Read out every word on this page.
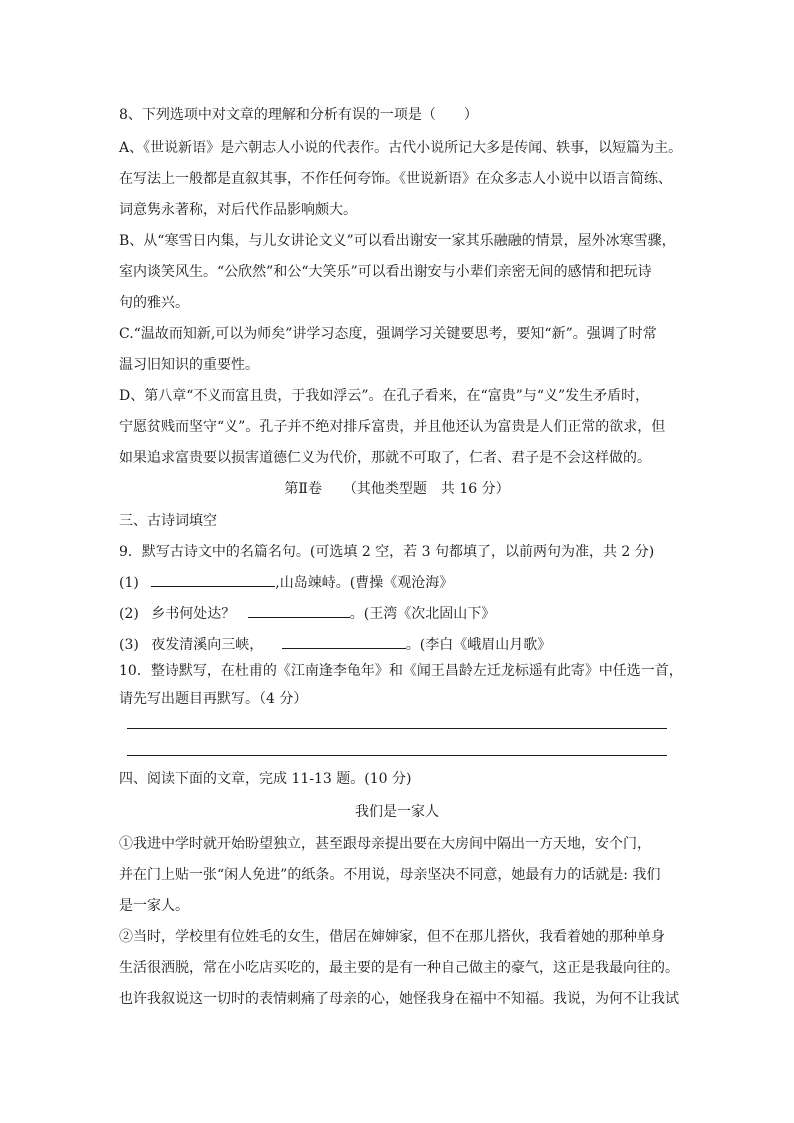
8、下列选项中对文章的理解和分析有误的一项是（　　）
A、《世说新语》是六朝志人小说的代表作。古代小说所记大多是传闻、轶事，以短篇为主。
在写法上一般都是直叙其事，不作任何夸饰。《世说新语》在众多志人小说中以语言简练、
词意隽永著称，对后代作品影响颇大。
B、从“寒雪日内集，与儿女讲论文义”可以看出谢安一家其乐融融的情景，屋外冰寒雪骤，
室内谈笑风生。“公欣然”和公“大笑乐”可以看出谢安与小辈们亲密无间的感情和把玩诗
句的雅兴。
C.“温故而知新,可以为师矣”讲学习态度，强调学习关键要思考，要知“新”。强调了时常
温习旧知识的重要性。
D、第八章“不义而富且贵，于我如浮云”。在孔子看来，在“富贵”与“义”发生矛盾时，
宁愿贫贱而坚守“义”。孔子并不绝对排斥富贵，并且他还认为富贵是人们正常的欲求，但
如果追求富贵要以损害道德仁义为代价，那就不可取了，仁者、君子是不会这样做的。
第Ⅱ卷　　（其他类型题　共 16 分）
三、古诗词填空
9．默写古诗文中的名篇名句。(可选填 2 空，若 3 句都填了，以前两句为准，共 2 分)
(1)	,山岛竦峙。(曹操《观沧海》
(2) 乡书何处达？	。(王湾《次北固山下》
(3) 夜发清溪向三峡，	。(李白《峨眉山月歌》
10．整诗默写，在杜甫的《江南逢李龟年》和《闻王昌龄左迁龙标遥有此寄》中任选一首，
请先写出题目再默写。（4 分）
四、阅读下面的文章，完成 11-13 题。(10 分)
我们是一家人
①我进中学时就开始盼望独立，甚至跟母亲提出要在大房间中隔出一方天地，安个门，
并在门上贴一张“闲人免进”的纸条。不用说，母亲坚决不同意，她最有力的话就是: 我们
是一家人。
②当时，学校里有位姓毛的女生，借居在婶婶家，但不在那儿搭伙，我看着她的那种单身
生活很洒脱，常在小吃店买吃的，最主要的是有一种自己做主的豪气，这正是我最向往的。
也许我叙说这一切时的表情刺痛了母亲的心，她怪我身在福中不知福。我说，为何不让我试
